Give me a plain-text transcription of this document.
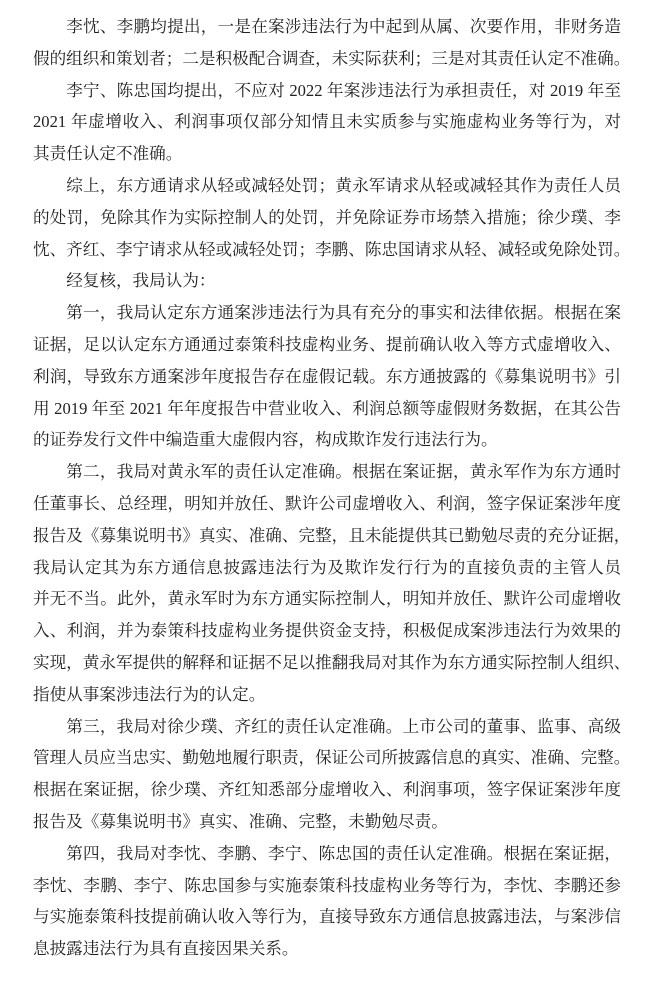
李忱、李鹏均提出，一是在案涉违法行为中起到从属、次要作用，非财务造
假的组织和策划者；二是积极配合调查，未实际获利；三是对其责任认定不准确。
李宁、陈忠国均提出，不应对 2022 年案涉违法行为承担责任，对 2019 年至
2021 年虚增收入、利润事项仅部分知情且未实质参与实施虚构业务等行为，对
其责任认定不准确。
综上，东方通请求从轻或减轻处罚；黄永军请求从轻或减轻其作为责任人员
的处罚，免除其作为实际控制人的处罚，并免除证券市场禁入措施；徐少璞、李
忱、齐红、李宁请求从轻或减轻处罚；李鹏、陈忠国请求从轻、减轻或免除处罚。
经复核，我局认为：
第一，我局认定东方通案涉违法行为具有充分的事实和法律依据。根据在案
证据，足以认定东方通通过泰策科技虚构业务、提前确认收入等方式虚增收入、
利润，导致东方通案涉年度报告存在虚假记载。东方通披露的《募集说明书》引
用 2019 年至 2021 年年度报告中营业收入、利润总额等虚假财务数据，在其公告
的证券发行文件中编造重大虚假内容，构成欺诈发行违法行为。
第二，我局对黄永军的责任认定准确。根据在案证据，黄永军作为东方通时
任董事长、总经理，明知并放任、默许公司虚增收入、利润，签字保证案涉年度
报告及《募集说明书》真实、准确、完整，且未能提供其已勤勉尽责的充分证据，
我局认定其为东方通信息披露违法行为及欺诈发行行为的直接负责的主管人员
并无不当。此外，黄永军时为东方通实际控制人，明知并放任、默许公司虚增收
入、利润，并为泰策科技虚构业务提供资金支持，积极促成案涉违法行为效果的
实现，黄永军提供的解释和证据不足以推翻我局对其作为东方通实际控制人组织、
指使从事案涉违法行为的认定。
第三，我局对徐少璞、齐红的责任认定准确。上市公司的董事、监事、高级
管理人员应当忠实、勤勉地履行职责，保证公司所披露信息的真实、准确、完整。
根据在案证据，徐少璞、齐红知悉部分虚增收入、利润事项，签字保证案涉年度
报告及《募集说明书》真实、准确、完整，未勤勉尽责。
第四，我局对李忱、李鹏、李宁、陈忠国的责任认定准确。根据在案证据，
李忱、李鹏、李宁、陈忠国参与实施泰策科技虚构业务等行为，李忱、李鹏还参
与实施泰策科技提前确认收入等行为，直接导致东方通信息披露违法，与案涉信
息披露违法行为具有直接因果关系。
